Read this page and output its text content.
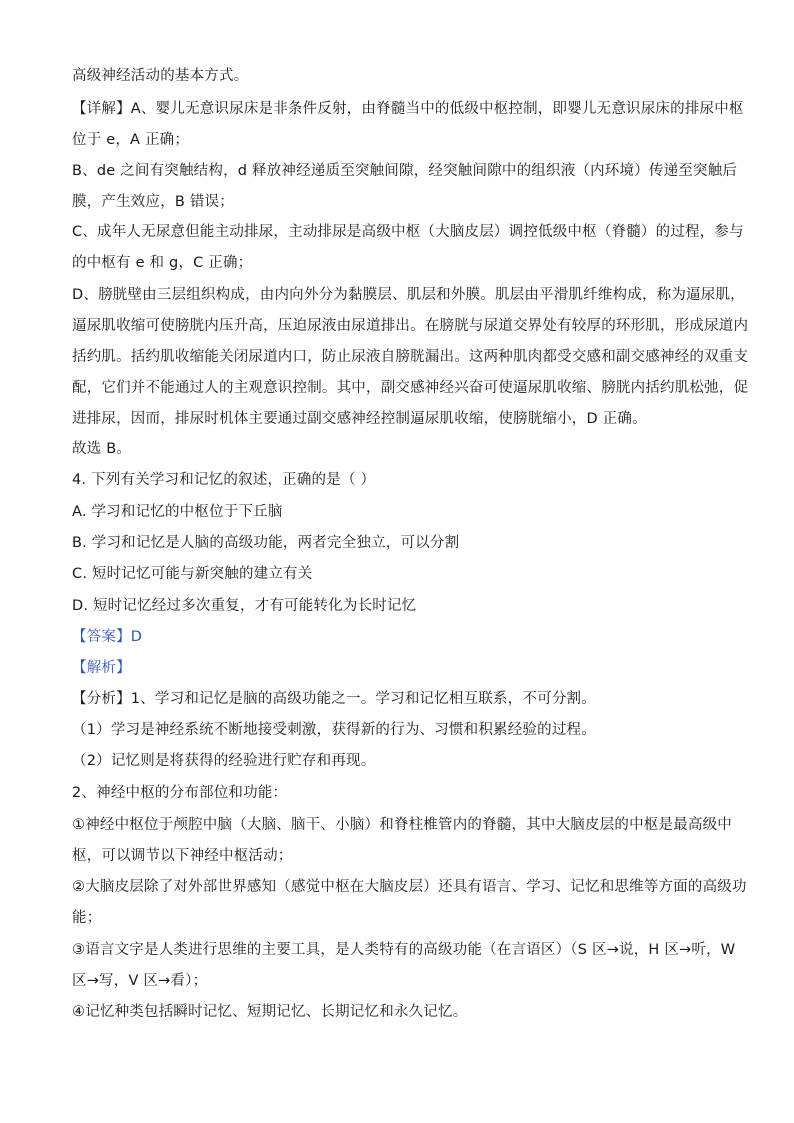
高级神经活动的基本方式。
【详解】A、婴儿无意识尿床是非条件反射，由脊髓当中的低级中枢控制，即婴儿无意识尿床的排尿中枢
位于 e，A 正确；
B、de 之间有突触结构，d 释放神经递质至突触间隙，经突触间隙中的组织液（内环境）传递至突触后
膜，产生效应，B 错误；
C、成年人无尿意但能主动排尿，主动排尿是高级中枢（大脑皮层）调控低级中枢（脊髓）的过程，参与
的中枢有 e 和 g，C 正确；
D、膀胱壁由三层组织构成，由内向外分为黏膜层、肌层和外膜。肌层由平滑肌纤维构成，称为逼尿肌，
逼尿肌收缩可使膀胱内压升高，压迫尿液由尿道排出。在膀胱与尿道交界处有较厚的环形肌，形成尿道内
括约肌。括约肌收缩能关闭尿道内口，防止尿液自膀胱漏出。这两种肌肉都受交感和副交感神经的双重支
配，它们并不能通过人的主观意识控制。其中，副交感神经兴奋可使逼尿肌收缩、膀胱内括约肌松弛，促
进排尿，因而，排尿时机体主要通过副交感神经控制逼尿肌收缩，使膀胱缩小，D 正确。
故选 B。
4. 下列有关学习和记忆的叙述，正确的是（ ）
A. 学习和记忆的中枢位于下丘脑
B. 学习和记忆是人脑的高级功能，两者完全独立，可以分割
C. 短时记忆可能与新突触的建立有关
D. 短时记忆经过多次重复，才有可能转化为长时记忆
【答案】D
【解析】
【分析】1、学习和记忆是脑的高级功能之一。学习和记忆相互联系，不可分割。
（1）学习是神经系统不断地接受刺激，获得新的行为、习惯和积累经验的过程。
（2）记忆则是将获得的经验进行贮存和再现。
2、神经中枢的分布部位和功能：
①神经中枢位于颅腔中脑（大脑、脑干、小脑）和脊柱椎管内的脊髓，其中大脑皮层的中枢是最高级中
枢，可以调节以下神经中枢活动；
②大脑皮层除了对外部世界感知（感觉中枢在大脑皮层）还具有语言、学习、记忆和思维等方面的高级功
能；
③语言文字是人类进行思维的主要工具，是人类特有的高级功能（在言语区）（S 区→说，H 区→听，W
区→写，V 区→看）；
④记忆种类包括瞬时记忆、短期记忆、长期记忆和永久记忆。
